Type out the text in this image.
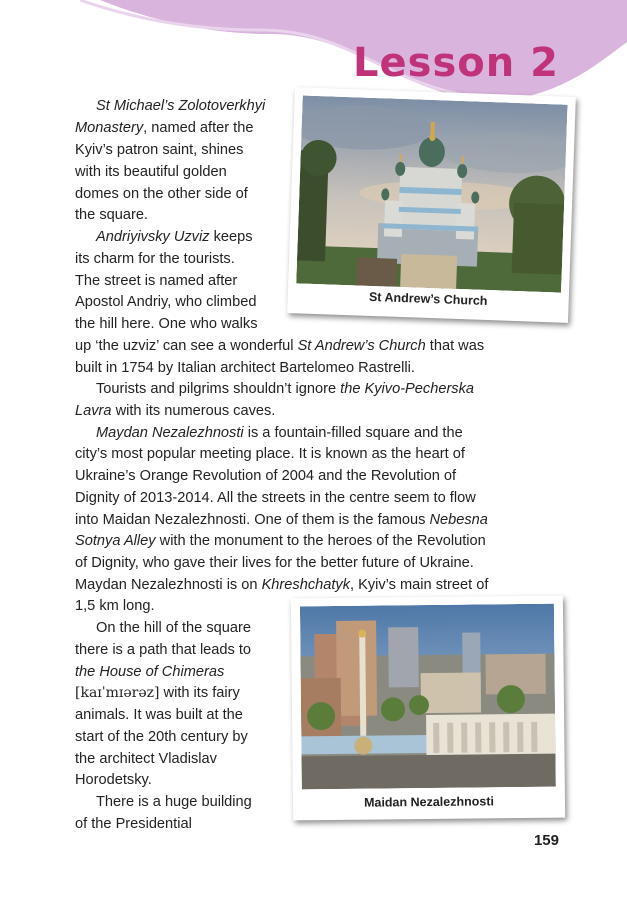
Lesson 2
St Michael’s Zolotoverkhyi
Monastery, named after the
Kyiv’s patron saint, shines
with its beautiful golden
domes on the other side of
the square.
Andriyivsky Uzviz keeps
its charm for the tourists.
The street is named after
Apostol Andriy, who climbed
the hill here. One who walks
up ‘the uzviz’ can see a wonderful St Andrew’s Church that was
built in 1754 by Italian architect Bartelomeo Rastrelli.
Tourists and pilgrims shouldn’t ignore the Kyivo-Pecherska
Lavra with its numerous caves.
Maydan Nezalezhnosti is a fountain-filled square and the
city’s most popular meeting place. It is known as the heart of
Ukraine’s Orange Revolution of 2004 and the Revolution of
Dignity of 2013-2014. All the streets in the centre seem to flow
into Maidan Nezalezhnosti. One of them is the famous Nebesna
Sotnya Alley with the monument to the heroes of the Revolution
of Dignity, who gave their lives for the better future of Ukraine.
Maydan Nezalezhnosti is on Khreshchatyk, Kyiv’s main street of
1,5 km long.
On the hill of the square
there is a path that leads to
the House of Chimeras
[kaɪˈmɪərəz] with its fairy
animals. It was built at the
start of the 20th century by
the architect Vladislav
Horodetsky.
There is a huge building
of the Presidential
St Andrew’s Church
Maidan Nezalezhnosti
159
